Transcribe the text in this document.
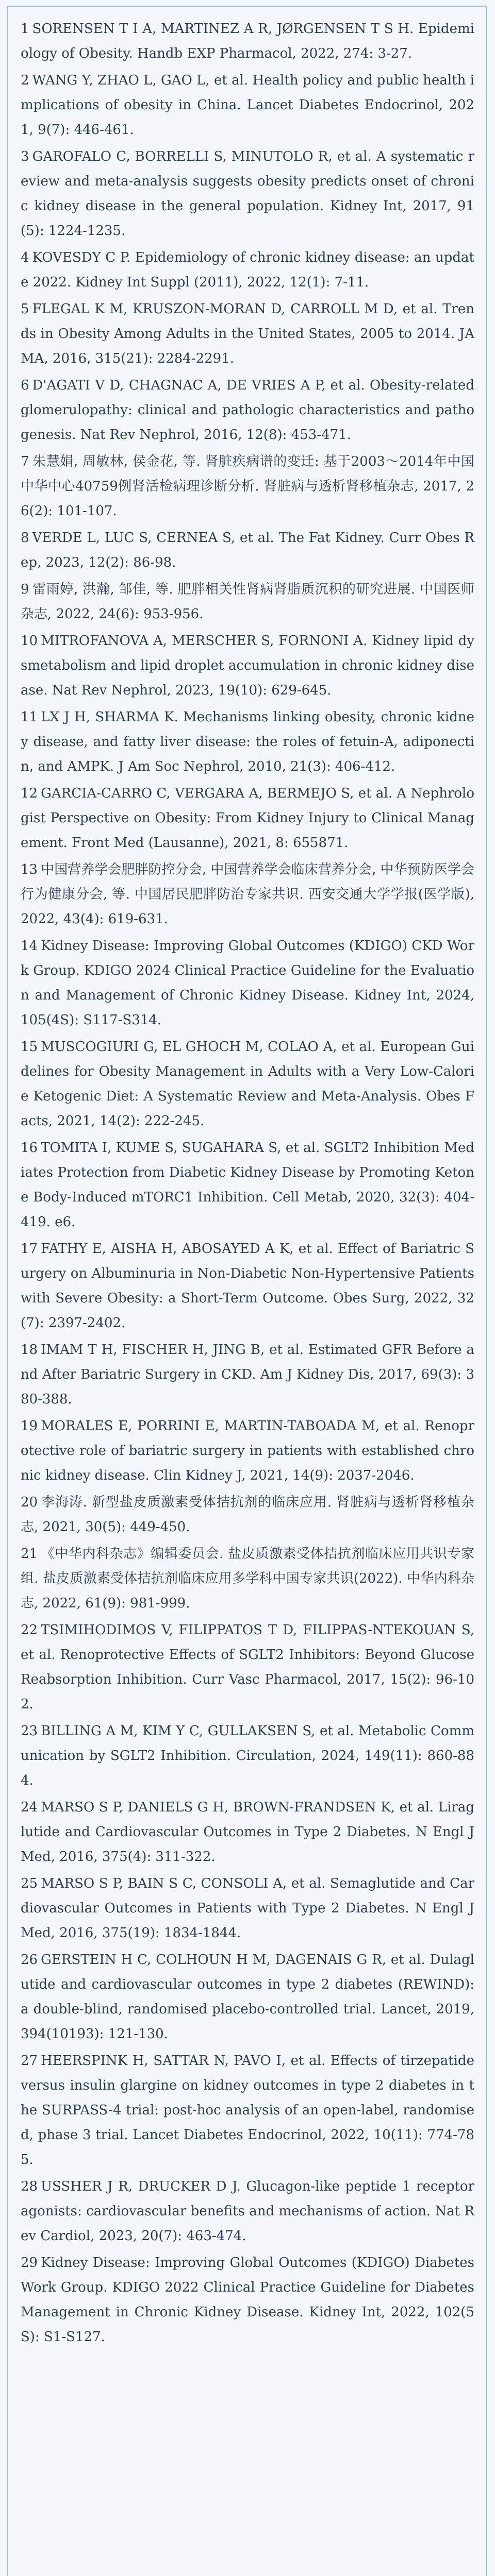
1 SORENSEN T I A, MARTINEZ A R, JØRGENSEN T S H. Epidemiology of Obesity. Handb EXP Pharmacol, 2022, 274: 3-27.
2 WANG Y, ZHAO L, GAO L, et al. Health policy and public health implications of obesity in China. Lancet Diabetes Endocrinol, 2021, 9(7): 446-461.
3 GAROFALO C, BORRELLI S, MINUTOLO R, et al. A systematic review and meta-analysis suggests obesity predicts onset of chronic kidney disease in the general population. Kidney Int, 2017, 91(5): 1224-1235.
4 KOVESDY C P. Epidemiology of chronic kidney disease: an update 2022. Kidney Int Suppl (2011), 2022, 12(1): 7-11.
5 FLEGAL K M, KRUSZON-MORAN D, CARROLL M D, et al. Trends in Obesity Among Adults in the United States, 2005 to 2014. JAMA, 2016, 315(21): 2284-2291.
6 D'AGATI V D, CHAGNAC A, DE VRIES A P, et al. Obesity-related glomerulopathy: clinical and pathologic characteristics and pathogenesis. Nat Rev Nephrol, 2016, 12(8): 453-471.
7 朱慧娟, 周敏林, 侯金花, 等. 肾脏疾病谱的变迁: 基于2003～2014年中国中华中心40759例肾活检病理诊断分析. 肾脏病与透析肾移植杂志, 2017, 26(2): 101-107.
8 VERDE L, LUC S, CERNEA S, et al. The Fat Kidney. Curr Obes Rep, 2023, 12(2): 86-98.
9 雷雨婷, 洪瀚, 邹佳, 等. 肥胖相关性肾病肾脂质沉积的研究进展. 中国医师杂志, 2022, 24(6): 953-956.
10 MITROFANOVA A, MERSCHER S, FORNONI A. Kidney lipid dysmetabolism and lipid droplet accumulation in chronic kidney disease. Nat Rev Nephrol, 2023, 19(10): 629-645.
11 LX J H, SHARMA K. Mechanisms linking obesity, chronic kidney disease, and fatty liver disease: the roles of fetuin-A, adiponectin, and AMPK. J Am Soc Nephrol, 2010, 21(3): 406-412.
12 GARCIA-CARRO C, VERGARA A, BERMEJO S, et al. A Nephrologist Perspective on Obesity: From Kidney Injury to Clinical Management. Front Med (Lausanne), 2021, 8: 655871.
13 中国营养学会肥胖防控分会, 中国营养学会临床营养分会, 中华预防医学会行为健康分会, 等. 中国居民肥胖防治专家共识. 西安交通大学学报(医学版), 2022, 43(4): 619-631.
14 Kidney Disease: Improving Global Outcomes (KDIGO) CKD Work Group. KDIGO 2024 Clinical Practice Guideline for the Evaluation and Management of Chronic Kidney Disease. Kidney Int, 2024, 105(4S): S117-S314.
15 MUSCOGIURI G, EL GHOCH M, COLAO A, et al. European Guidelines for Obesity Management in Adults with a Very Low-Calorie Ketogenic Diet: A Systematic Review and Meta-Analysis. Obes Facts, 2021, 14(2): 222-245.
16 TOMITA I, KUME S, SUGAHARA S, et al. SGLT2 Inhibition Mediates Protection from Diabetic Kidney Disease by Promoting Ketone Body-Induced mTORC1 Inhibition. Cell Metab, 2020, 32(3): 404-419. e6.
17 FATHY E, AISHA H, ABOSAYED A K, et al. Effect of Bariatric Surgery on Albuminuria in Non-Diabetic Non-Hypertensive Patients with Severe Obesity: a Short-Term Outcome. Obes Surg, 2022, 32(7): 2397-2402.
18 IMAM T H, FISCHER H, JING B, et al. Estimated GFR Before and After Bariatric Surgery in CKD. Am J Kidney Dis, 2017, 69(3): 380-388.
19 MORALES E, PORRINI E, MARTIN-TABOADA M, et al. Renoprotective role of bariatric surgery in patients with established chronic kidney disease. Clin Kidney J, 2021, 14(9): 2037-2046.
20 李海涛. 新型盐皮质激素受体拮抗剂的临床应用. 肾脏病与透析肾移植杂志, 2021, 30(5): 449-450.
21 《中华内科杂志》编辑委员会. 盐皮质激素受体拮抗剂临床应用共识专家组. 盐皮质激素受体拮抗剂临床应用多学科中国专家共识(2022). 中华内科杂志, 2022, 61(9): 981-999.
22 TSIMIHODIMOS V, FILIPPATOS T D, FILIPPAS-NTEKOUAN S, et al. Renoprotective Effects of SGLT2 Inhibitors: Beyond Glucose Reabsorption Inhibition. Curr Vasc Pharmacol, 2017, 15(2): 96-102.
23 BILLING A M, KIM Y C, GULLAKSEN S, et al. Metabolic Communication by SGLT2 Inhibition. Circulation, 2024, 149(11): 860-884.
24 MARSO S P, DANIELS G H, BROWN-FRANDSEN K, et al. Liraglutide and Cardiovascular Outcomes in Type 2 Diabetes. N Engl J Med, 2016, 375(4): 311-322.
25 MARSO S P, BAIN S C, CONSOLI A, et al. Semaglutide and Cardiovascular Outcomes in Patients with Type 2 Diabetes. N Engl J Med, 2016, 375(19): 1834-1844.
26 GERSTEIN H C, COLHOUN H M, DAGENAIS G R, et al. Dulaglutide and cardiovascular outcomes in type 2 diabetes (REWIND): a double-blind, randomised placebo-controlled trial. Lancet, 2019, 394(10193): 121-130.
27 HEERSPINK H, SATTAR N, PAVO I, et al. Effects of tirzepatide versus insulin glargine on kidney outcomes in type 2 diabetes in the SURPASS-4 trial: post-hoc analysis of an open-label, randomised, phase 3 trial. Lancet Diabetes Endocrinol, 2022, 10(11): 774-785.
28 USSHER J R, DRUCKER D J. Glucagon-like peptide 1 receptor agonists: cardiovascular benefits and mechanisms of action. Nat Rev Cardiol, 2023, 20(7): 463-474.
29 Kidney Disease: Improving Global Outcomes (KDIGO) Diabetes Work Group. KDIGO 2022 Clinical Practice Guideline for Diabetes Management in Chronic Kidney Disease. Kidney Int, 2022, 102(5S): S1-S127.
